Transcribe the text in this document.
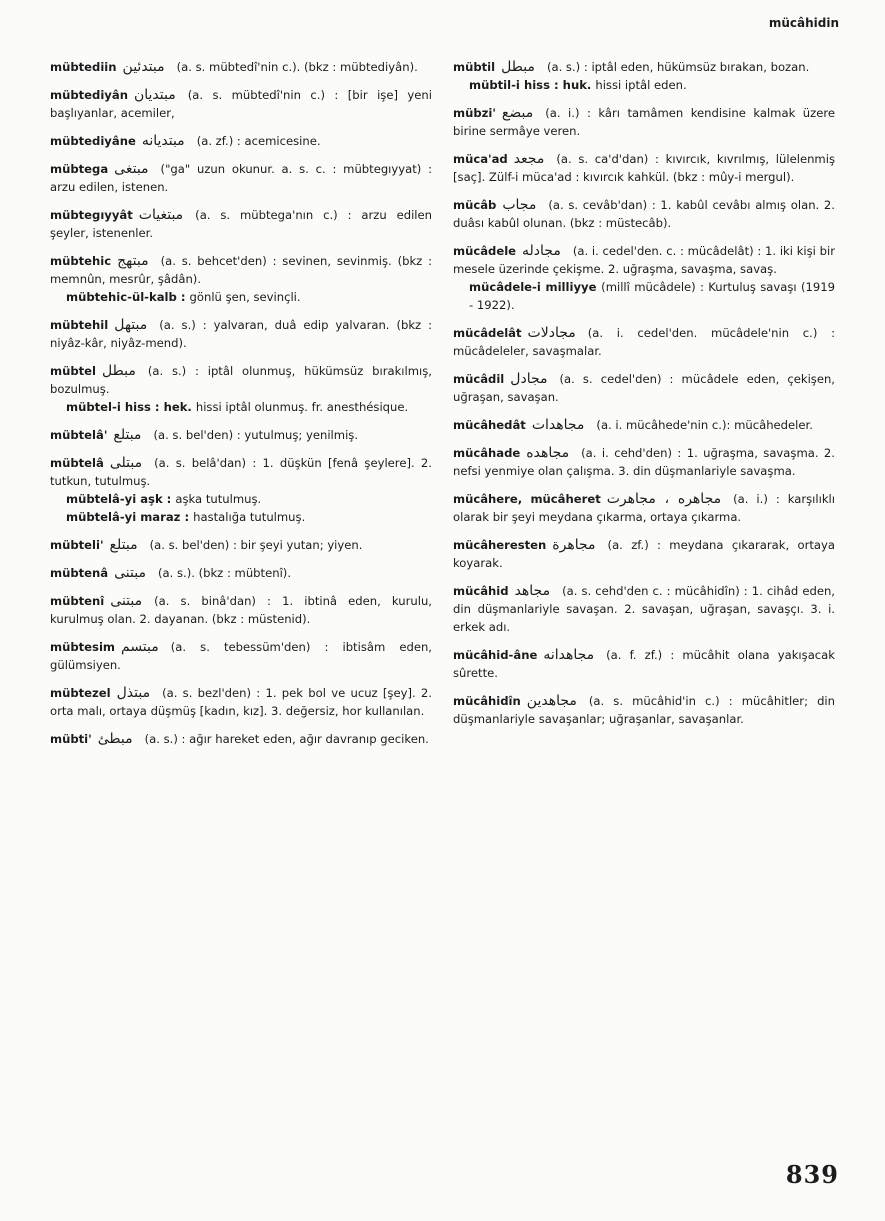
mücâhidin
mübtediin مبتدئين (a. s. mübtedî'nin c.). (bkz : mübtediyân).
mübtediyân مبتديان (a. s. mübtedî'nin c.) : [bir işe] yeni başlıyanlar, acemiler,
mübtediyâne مبتديانه (a. zf.) : acemicesine.
mübtega مبتغى ("ga" uzun okunur. a. s. c. : mübtegıyyat) : arzu edilen, istenen.
mübtegıyyât مبتغيات (a. s. mübtega'nın c.) : arzu edilen şeyler, istenenler.
mübtehic مبتهج (a. s. behcet'den) : sevinen, sevinmiş. (bkz : memnûn, mesrûr, şâdân).
mübtehic-ül-kalb : gönlü şen, sevinçli.
mübtehil مبتهل (a. s.) : yalvaran, duâ edip yalvaran. (bkz : niyâz-kâr, niyâz-mend).
mübtel مبطل (a. s.) : iptâl olunmuş, hükümsüz bırakılmış, bozulmuş.
mübtel-i hiss : hek. hissi iptâl olunmuş. fr. anesthésique.
mübtelâ' مبتلع (a. s. bel'den) : yutulmuş; yenilmiş.
mübtelâ مبتلى (a. s. belâ'dan) : 1. düşkün [fenâ şeylere]. 2. tutkun, tutulmuş.
mübtelâ-yi aşk : aşka tutulmuş.
mübtelâ-yi maraz : hastalığa tutulmuş.
mübteli' مبتلع (a. s. bel'den) : bir şeyi yutan; yiyen.
mübtenâ مبتنى (a. s.). (bkz : mübtenî).
mübtenî مبتنى (a. s. binâ'dan) : 1. ibtinâ eden, kurulu, kurulmuş olan. 2. dayanan. (bkz : müstenid).
mübtesim مبتسم (a. s. tebessüm'den) : ibtisâm eden, gülümsiyen.
mübtezel مبتذل (a. s. bezl'den) : 1. pek bol ve ucuz [şey]. 2. orta malı, ortaya düşmüş [kadın, kız]. 3. değersiz, hor kullanılan.
mübti' مبطئ (a. s.) : ağır hareket eden, ağır davranıp geciken.
mübtil مبطل (a. s.) : iptâl eden, hükümsüz bırakan, bozan.
mübtil-i hiss : huk. hissi iptâl eden.
mübzi' مبضع (a. i.) : kârı tamâmen kendisine kalmak üzere birine sermâye veren.
müca'ad مجعد (a. s. ca'd'dan) : kıvırcık, kıvrılmış, lülelenmiş [saç]. Zülf-i müca'ad : kıvırcık kahkül. (bkz : mûy-i mergul).
mücâb مجاب (a. s. cevâb'dan) : 1. kabûl cevâbı almış olan. 2. duâsı kabûl olunan. (bkz : müstecâb).
mücâdele مجادله (a. i. cedel'den. c. : mücâdelât) : 1. iki kişi bir mesele üzerinde çekişme. 2. uğraşma, savaşma, savaş.
mücâdele-i milliyye (millî mücâdele) : Kurtuluş savaşı (1919 - 1922).
mücâdelât مجادلات (a. i. cedel'den. mücâdele'nin c.) : mücâdeleler, savaşmalar.
mücâdil مجادل (a. s. cedel'den) : mücâdele eden, çekişen, uğraşan, savaşan.
mücâhedât مجاهدات (a. i. mücâhede'nin c.): mücâhedeler.
mücâhade مجاهده (a. i. cehd'den) : 1. uğraşma, savaşma. 2. nefsi yenmiye olan çalışma. 3. din düşmanlariyle savaşma.
mücâhere, mücâheret مجاهره ، مجاهرت (a. i.) : karşılıklı olarak bir şeyi meydana çıkarma, ortaya çıkarma.
mücâheresten مجاهرة (a. zf.) : meydana çıkararak, ortaya koyarak.
mücâhid مجاهد (a. s. cehd'den c. : mücâhidîn) : 1. cihâd eden, din düşmanlariyle savaşan. 2. savaşan, uğraşan, savaşçı. 3. i. erkek adı.
mücâhid-âne مجاهدانه (a. f. zf.) : mücâhit olana yakışacak sûrette.
mücâhidîn مجاهدين (a. s. mücâhid'in c.) : mücâhitler; din düşmanlariyle savaşanlar; uğraşanlar, savaşanlar.
839
